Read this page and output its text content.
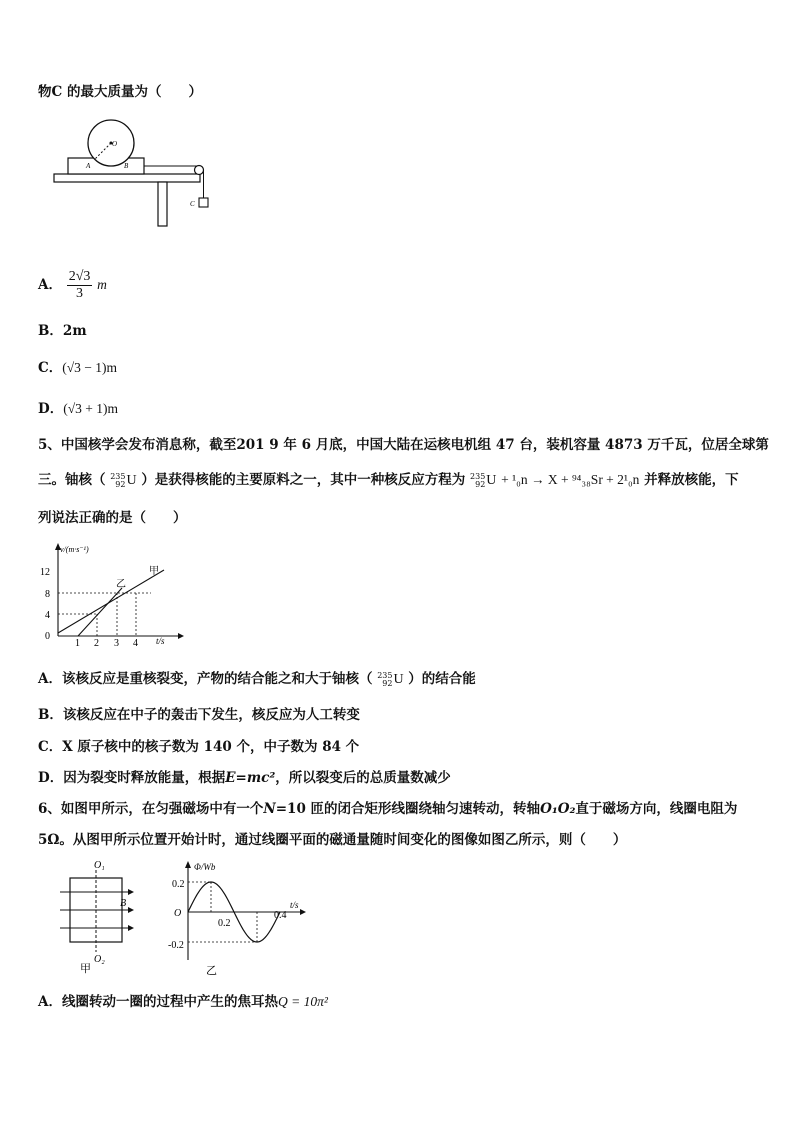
物C 的最大质量为（　　）
O
A	B
C
A． $\frac{2√3}{3}$ m
B．2m
C．(√3 − 1)m
D．(√3 + 1)m
5、中国核学会发布消息称，截至201 9 年 6 月底，中国大陆在运核电机组 47 台，装机容量 4873 万千瓦，位居全球第
三。铀核（ 235
92 U ）是获得核能的主要原料之一，其中一种核反应方程为 235
92 U + ¹₀n → X + ⁹⁴₃₈Sr + 2¹₀n 并释放核能，下
列说法正确的是（　　）
v/(m·s⁻¹)
t/s
12
8
4
0
1 2 3 4
甲
乙
A．该核反应是重核裂变，产物的结合能之和大于铀核（ 235
92 U ）的结合能
B．该核反应在中子的轰击下发生，核反应为人工转变
C．X 原子核中的核子数为 140 个，中子数为 84 个
D．因为裂变时释放能量，根据E=mc²，所以裂变后的总质量数减少
6、如图甲所示，在匀强磁场中有一个N=10 匝的闭合矩形线圈绕轴匀速转动，转轴O₁O₂直于磁场方向，线圈电阻为
5Ω。从图甲所示位置开始计时，通过线圈平面的磁通量随时间变化的图像如图乙所示，则（　　）
O₁
B
O₂
甲
Φ/Wb
t/s
0.2
-0.2
O
0.2
0.4
乙
A．线圈转动一圈的过程中产生的焦耳热Q = 10π²
